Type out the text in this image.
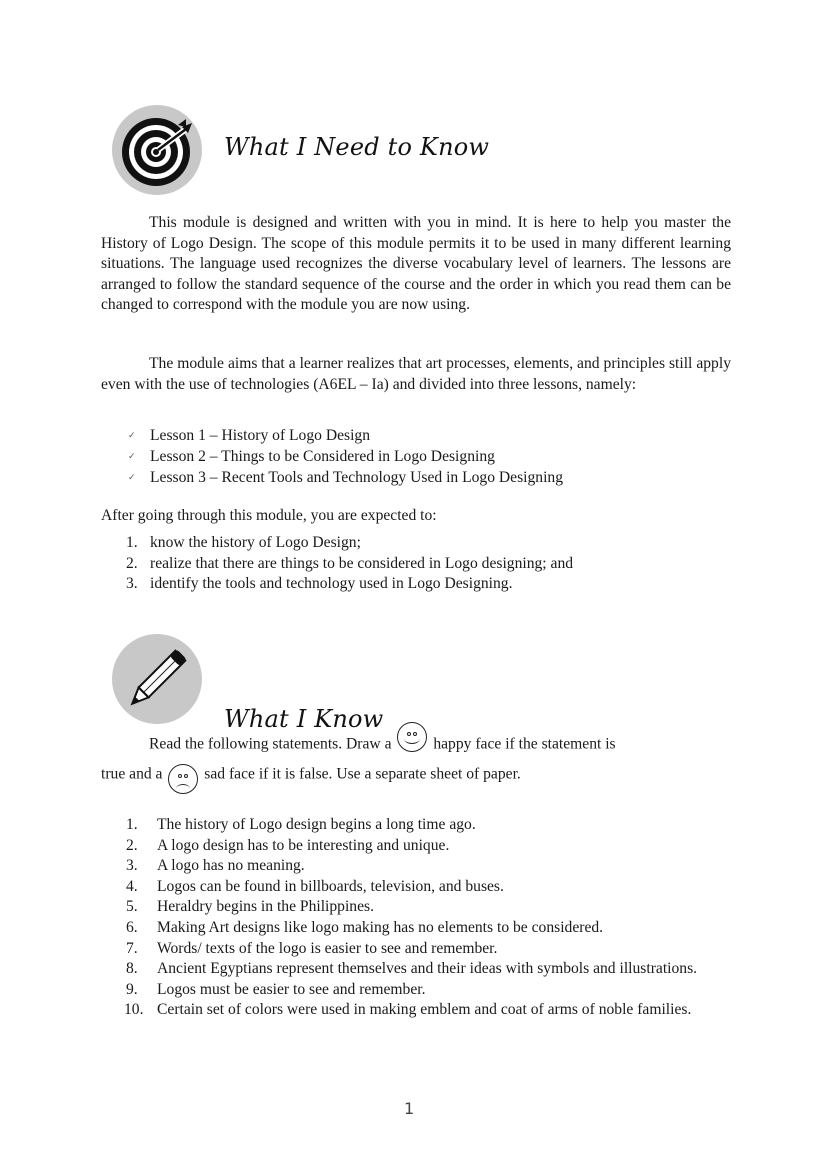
What I Need to Know
This module is designed and written with you in mind. It is here to help you master the History of Logo Design. The scope of this module permits it to be used in many different learning situations. The language used recognizes the diverse vocabulary level of learners. The lessons are arranged to follow the standard sequence of the course and the order in which you read them can be changed to correspond with the module you are now using.
The module aims that a learner realizes that art processes, elements, and principles still apply even with the use of technologies (A6EL – Ia) and divided into three lessons, namely:
✓ Lesson 1 – History of Logo Design
✓ Lesson 2 – Things to be Considered in Logo Designing
✓ Lesson 3 – Recent Tools and Technology Used in Logo Designing
After going through this module, you are expected to:
1. know the history of Logo Design;
2. realize that there are things to be considered in Logo designing; and
3. identify the tools and technology used in Logo Designing.
What I Know
Read the following statements. Draw a	happy face if the statement is
true and a	sad face if it is false. Use a separate sheet of paper.
1. The history of Logo design begins a long time ago.
2. A logo design has to be interesting and unique.
3. A logo has no meaning.
4. Logos can be found in billboards, television, and buses.
5. Heraldry begins in the Philippines.
6. Making Art designs like logo making has no elements to be considered.
7. Words/ texts of the logo is easier to see and remember.
8. Ancient Egyptians represent themselves and their ideas with symbols and illustrations.
9. Logos must be easier to see and remember.
10. Certain set of colors were used in making emblem and coat of arms of noble families.
1
